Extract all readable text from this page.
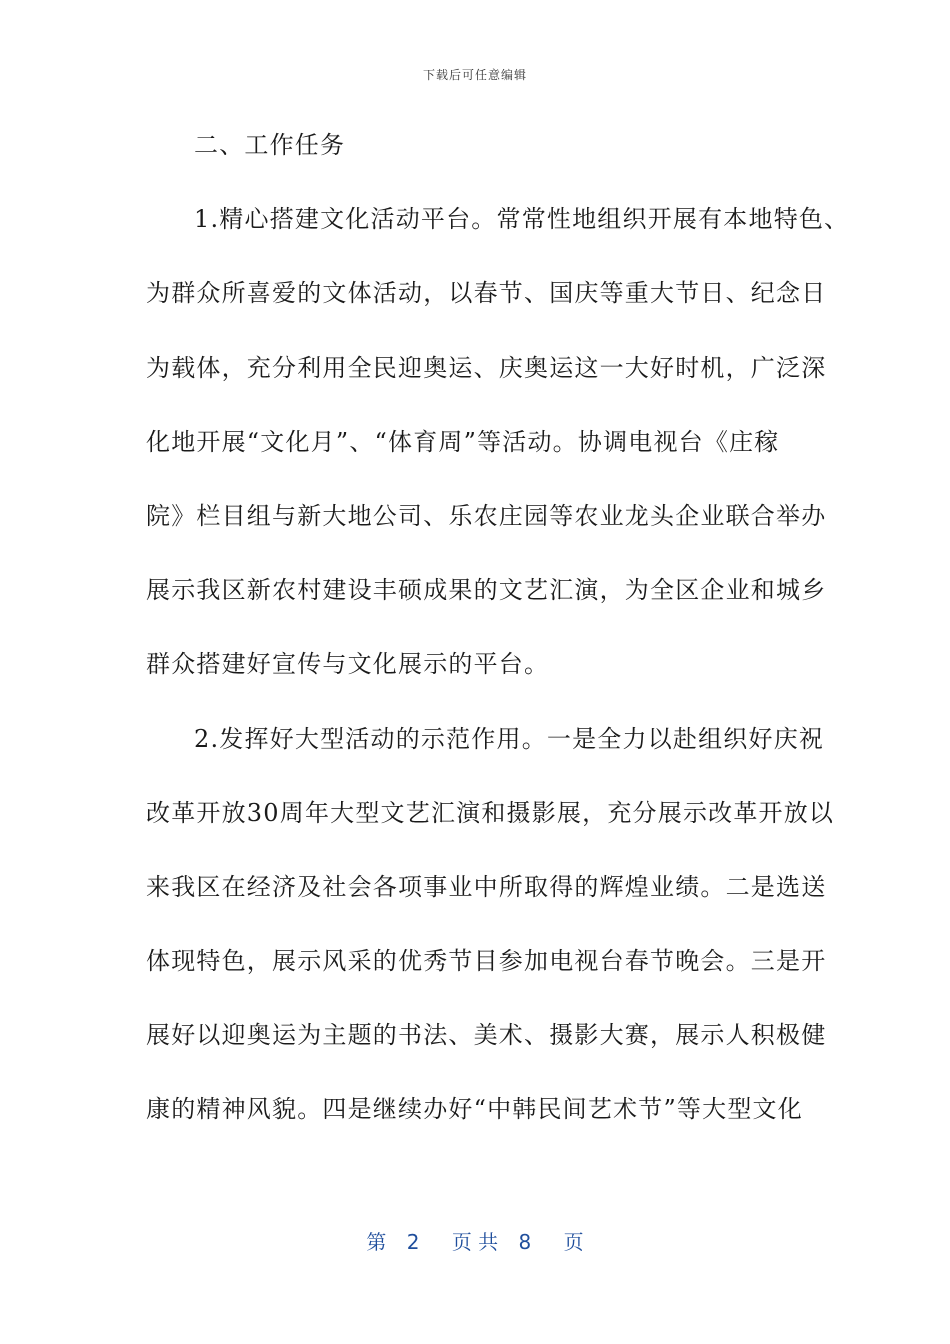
下载后可任意编辑
二、工作任务
1.精心搭建文化活动平台。常常性地组织开展有本地特色、
为群众所喜爱的文体活动，以春节、国庆等重大节日、纪念日
为载体，充分利用全民迎奥运、庆奥运这一大好时机，广泛深
化地开展“文化月”、“体育周”等活动。协调电视台《庄稼
院》栏目组与新大地公司、乐农庄园等农业龙头企业联合举办
展示我区新农村建设丰硕成果的文艺汇演，为全区企业和城乡
群众搭建好宣传与文化展示的平台。
2.发挥好大型活动的示范作用。一是全力以赴组织好庆祝
改革开放30周年大型文艺汇演和摄影展，充分展示改革开放以
来我区在经济及社会各项事业中所取得的辉煌业绩。二是选送
体现特色，展示风采的优秀节目参加电视台春节晚会。三是开
展好以迎奥运为主题的书法、美术、摄影大赛，展示人积极健
康的精神风貌。四是继续办好“中韩民间艺术节”等大型文化
第 2 页 共 8 页
